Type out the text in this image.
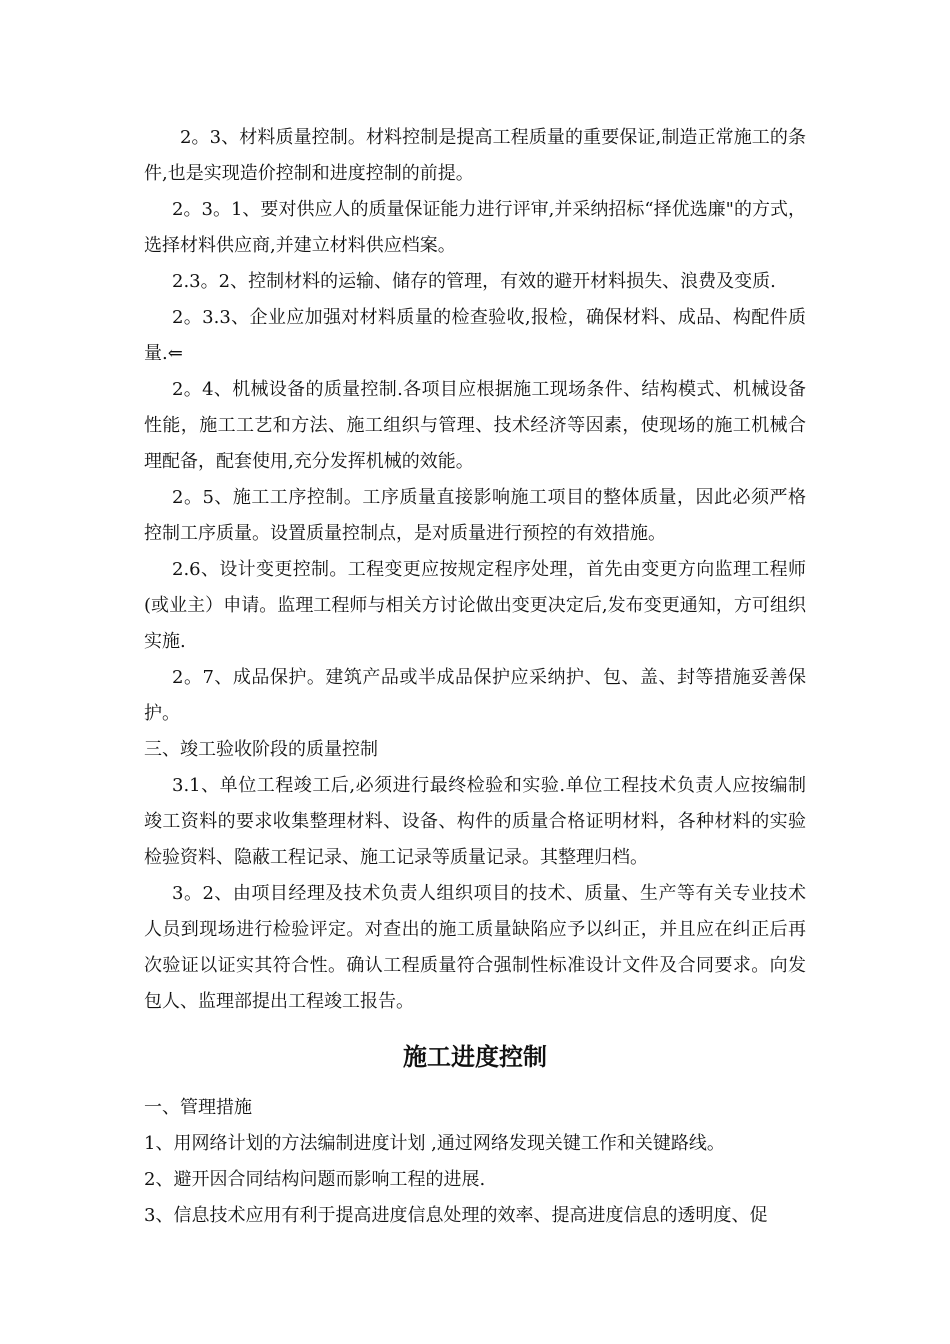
2。3、材料质量控制。材料控制是提高工程质量的重要保证,制造正常施工的条件,也是实现造价控制和进度控制的前提。

2。3。1、要对供应人的质量保证能力进行评审,并采纳招标“择优选廉"的方式，选择材料供应商,并建立材料供应档案。

2.3。2、控制材料的运输、储存的管理，有效的避开材料损失、浪费及变质.

2。3.3、企业应加强对材料质量的检查验收,报检，确保材料、成品、构配件质量.⇐

2。4、机械设备的质量控制.各项目应根据施工现场条件、结构模式、机械设备性能，施工工艺和方法、施工组织与管理、技术经济等因素，使现场的施工机械合理配备，配套使用,充分发挥机械的效能。

2。5、施工工序控制。工序质量直接影响施工项目的整体质量，因此必须严格控制工序质量。设置质量控制点，是对质量进行预控的有效措施。

2.6、设计变更控制。工程变更应按规定程序处理，首先由变更方向监理工程师(或业主）申请。监理工程师与相关方讨论做出变更决定后,发布变更通知，方可组织实施.

2。7、成品保护。建筑产品或半成品保护应采纳护、包、盖、封等措施妥善保护。

三、竣工验收阶段的质量控制

3.1、单位工程竣工后,必须进行最终检验和实验.单位工程技术负责人应按编制竣工资料的要求收集整理材料、设备、构件的质量合格证明材料，各种材料的实验检验资料、隐蔽工程记录、施工记录等质量记录。其整理归档。

3。2、由项目经理及技术负责人组织项目的技术、质量、生产等有关专业技术人员到现场进行检验评定。对查出的施工质量缺陷应予以纠正，并且应在纠正后再次验证以证实其符合性。确认工程质量符合强制性标准设计文件及合同要求。向发包人、监理部提出工程竣工报告。

施工进度控制

一、管理措施

1、用网络计划的方法编制进度计划 ,通过网络发现关键工作和关键路线。

2、避开因合同结构问题而影响工程的进展.

3、信息技术应用有利于提高进度信息处理的效率、提高进度信息的透明度、促
